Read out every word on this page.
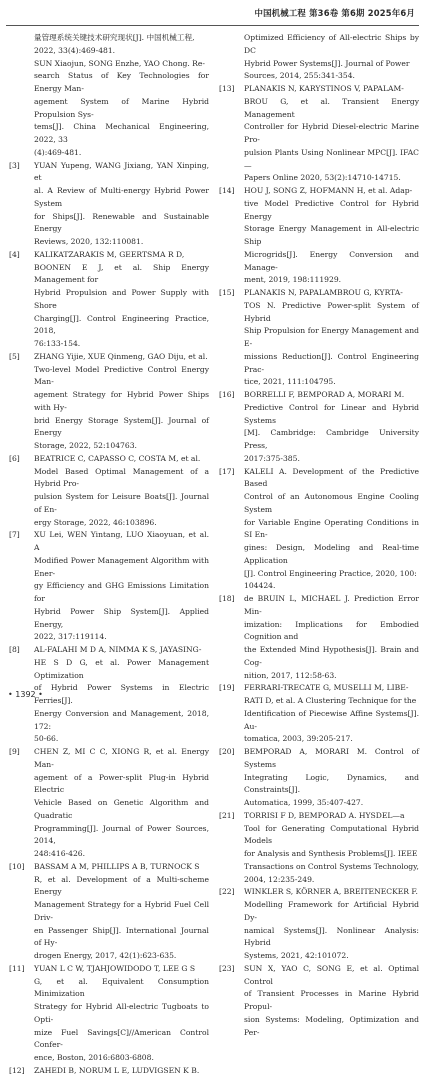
中国机械工程 第36卷 第6期 2025年6月
量管理系统关键技术研究现状[J]. 中国机械工程,
2022, 33(4):469-481.
SUN Xiaojun, SONG Enzhe, YAO Chong. Re-
search Status of Key Technologies for Energy Man-
agement System of Marine Hybrid Propulsion Sys-
tems[J]. China Mechanical Engineering, 2022, 33
(4):469-481.
[3] YUAN Yupeng, WANG Jixiang, YAN Xinping, et
al. A Review of Multi-energy Hybrid Power System
for Ships[J]. Renewable and Sustainable Energy
Reviews, 2020, 132:110081.
[4] KALIKATZARAKIS M, GEERTSMA R D,
BOONEN E J, et al. Ship Energy Management for
Hybrid Propulsion and Power Supply with Shore
Charging[J]. Control Engineering Practice, 2018,
76:133-154.
[5] ZHANG Yijie, XUE Qinmeng, GAO Diju, et al.
Two-level Model Predictive Control Energy Man-
agement Strategy for Hybrid Power Ships with Hy-
brid Energy Storage System[J]. Journal of Energy
Storage, 2022, 52:104763.
[6] BEATRICE C, CAPASSO C, COSTA M, et al.
Model Based Optimal Management of a Hybrid Pro-
pulsion System for Leisure Boats[J]. Journal of En-
ergy Storage, 2022, 46:103896.
[7] XU Lei, WEN Yintang, LUO Xiaoyuan, et al. A
Modified Power Management Algorithm with Ener-
gy Efficiency and GHG Emissions Limitation for
Hybrid Power Ship System[J]. Applied Energy,
2022, 317:119114.
[8] AL-FALAHI M D A, NIMMA K S, JAYASING-
HE S D G, et al. Power Management Optimization
of Hybrid Power Systems in Electric Ferries[J].
Energy Conversion and Management, 2018, 172:
50-66.
[9] CHEN Z, MI C C, XIONG R, et al. Energy Man-
agement of a Power-split Plug-in Hybrid Electric
Vehicle Based on Genetic Algorithm and Quadratic
Programming[J]. Journal of Power Sources, 2014,
248:416-426.
[10] BASSAM A M, PHILLIPS A B, TURNOCK S
R, et al. Development of a Multi-scheme Energy
Management Strategy for a Hybrid Fuel Cell Driv-
en Passenger Ship[J]. International Journal of Hy-
drogen Energy, 2017, 42(1):623-635.
[11] YUAN L C W, TJAHJOWIDODO T, LEE G S
G, et al. Equivalent Consumption Minimization
Strategy for Hybrid All-electric Tugboats to Opti-
mize Fuel Savings[C]//American Control Confer-
ence, Boston, 2016:6803-6808.
[12] ZAHEDI B, NORUM L E, LUDVIGSEN K B.
Optimized Efficiency of All-electric Ships by DC
Hybrid Power Systems[J]. Journal of Power
Sources, 2014, 255:341-354.
[13] PLANAKIS N, KARYSTINOS V, PAPALAM-
BROU G, et al. Transient Energy Management
Controller for Hybrid Diesel-electric Marine Pro-
pulsion Plants Using Nonlinear MPC[J]. IFAC—
Papers Online 2020, 53(2):14710-14715.
[14] HOU J, SONG Z, HOFMANN H, et al. Adap-
tive Model Predictive Control for Hybrid Energy
Storage Energy Management in All-electric Ship
Microgrids[J]. Energy Conversion and Manage-
ment, 2019, 198:111929.
[15] PLANAKIS N, PAPALAMBROU G, KYRTA-
TOS N. Predictive Power-split System of Hybrid
Ship Propulsion for Energy Management and E-
missions Reduction[J]. Control Engineering Prac-
tice, 2021, 111:104795.
[16] BORRELLI F, BEMPORAD A, MORARI M.
Predictive Control for Linear and Hybrid Systems
[M]. Cambridge: Cambridge University Press,
2017:375-385.
[17] KALELI A. Development of the Predictive Based
Control of an Autonomous Engine Cooling System
for Variable Engine Operating Conditions in SI En-
gines: Design, Modeling and Real-time Application
[J]. Control Engineering Practice, 2020, 100:
104424.
[18] de BRUIN L, MICHAEL J. Prediction Error Min-
imization: Implications for Embodied Cognition and
the Extended Mind Hypothesis[J]. Brain and Cog-
nition, 2017, 112:58-63.
[19] FERRARI-TRECATE G, MUSELLI M, LIBE-
RATI D, et al. A Clustering Technique for the
Identification of Piecewise Affine Systems[J]. Au-
tomatica, 2003, 39:205-217.
[20] BEMPORAD A, MORARI M. Control of Systems
Integrating Logic, Dynamics, and Constraints[J].
Automatica, 1999, 35:407-427.
[21] TORRISI F D, BEMPORAD A. HYSDEL—a
Tool for Generating Computational Hybrid Models
for Analysis and Synthesis Problems[J]. IEEE
Transactions on Control Systems Technology,
2004, 12:235-249.
[22] WINKLER S, KÖRNER A, BREITENECKER F.
Modelling Framework for Artificial Hybrid Dy-
namical Systems[J]. Nonlinear Analysis: Hybrid
Systems, 2021, 42:101072.
[23] SUN X, YAO C, SONG E, et al. Optimal Control
of Transient Processes in Marine Hybrid Propul-
sion Systems: Modeling, Optimization and Per-
• 1392 •
